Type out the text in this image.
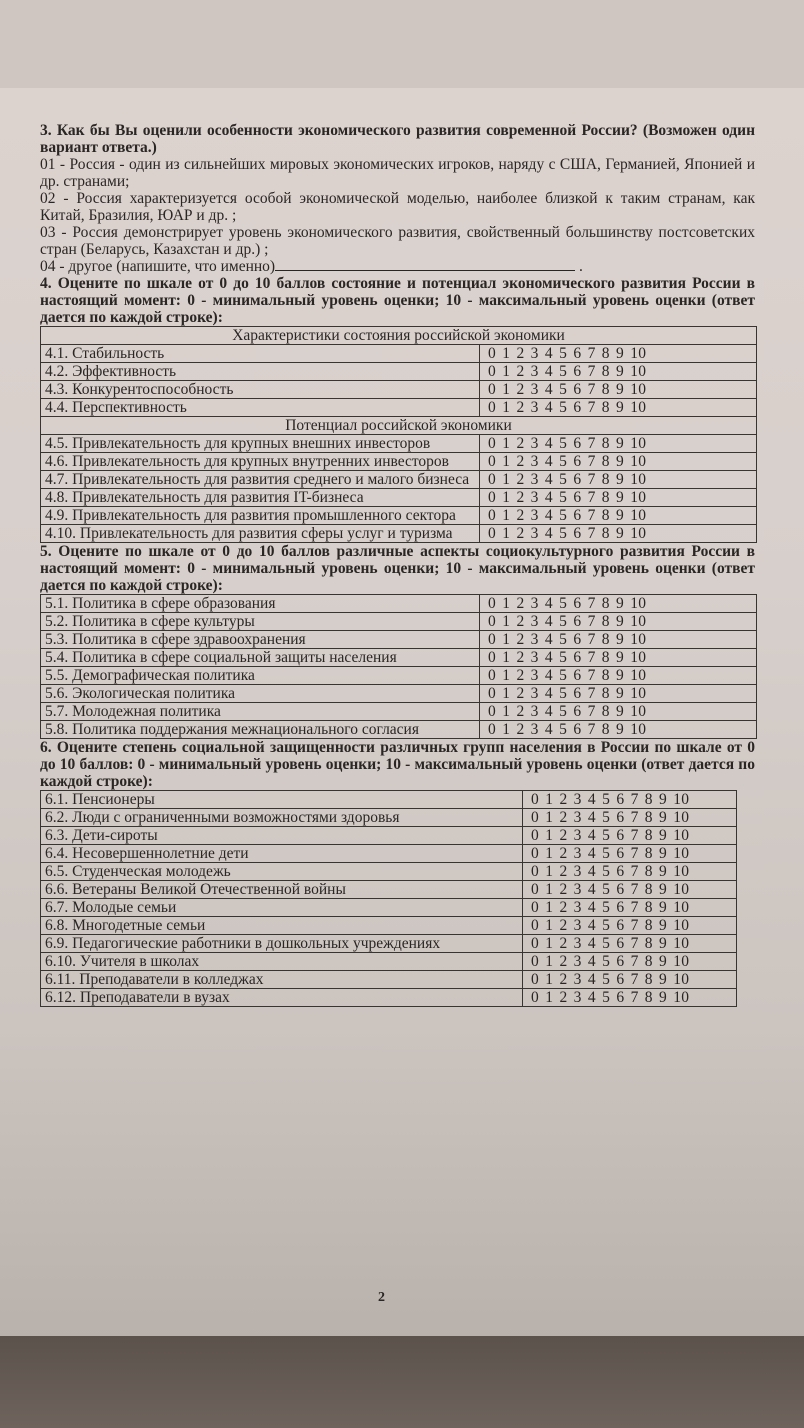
3. Как бы Вы оценили особенности экономического развития современной России? (Возможен один вариант ответа.)

01 - Россия - один из сильнейших мировых экономических игроков, наряду с США, Германией, Японией и др. странами;

02 - Россия характеризуется особой экономической моделью, наиболее близкой к таким странам, как Китай, Бразилия, ЮАР и др. ;

03 - Россия демонстрирует уровень экономического развития, свойственный большинству постсоветских стран (Беларусь, Казахстан и др.) ;

04 - другое (напишите, что именно)	.

4. Оцените по шкале от 0 до 10 баллов состояние и потенциал экономического развития России в настоящий момент: 0 - минимальный уровень оценки; 10 - максимальный уровень оценки (ответ дается по каждой строке):

Характеристики состояния российской экономики	
4.1. Стабильность	0 1 2 3 4 5 6 7 8 9 10
4.2. Эффективность	0 1 2 3 4 5 6 7 8 9 10
4.3. Конкурентоспособность	0 1 2 3 4 5 6 7 8 9 10
4.4. Перспективность	0 1 2 3 4 5 6 7 8 9 10
Потенциал российской экономики	
4.5. Привлекательность для крупных внешних инвесторов	0 1 2 3 4 5 6 7 8 9 10
4.6. Привлекательность для крупных внутренних инвесторов	0 1 2 3 4 5 6 7 8 9 10
4.7. Привлекательность для развития среднего и малого бизнеса	0 1 2 3 4 5 6 7 8 9 10
4.8. Привлекательность для развития IT-бизнеса	0 1 2 3 4 5 6 7 8 9 10
4.9. Привлекательность для развития промышленного сектора	0 1 2 3 4 5 6 7 8 9 10
4.10. Привлекательность для развития сферы услуг и туризма	0 1 2 3 4 5 6 7 8 9 10

5. Оцените по шкале от 0 до 10 баллов различные аспекты социокультурного развития России в настоящий момент: 0 - минимальный уровень оценки; 10 - максимальный уровень оценки (ответ дается по каждой строке):

5.1. Политика в сфере образования	0 1 2 3 4 5 6 7 8 9 10
5.2. Политика в сфере культуры	0 1 2 3 4 5 6 7 8 9 10
5.3. Политика в сфере здравоохранения	0 1 2 3 4 5 6 7 8 9 10
5.4. Политика в сфере социальной защиты населения	0 1 2 3 4 5 6 7 8 9 10
5.5. Демографическая политика	0 1 2 3 4 5 6 7 8 9 10
5.6. Экологическая политика	0 1 2 3 4 5 6 7 8 9 10
5.7. Молодежная политика	0 1 2 3 4 5 6 7 8 9 10
5.8. Политика поддержания межнационального согласия	0 1 2 3 4 5 6 7 8 9 10

6. Оцените степень социальной защищенности различных групп населения в России по шкале от 0 до 10 баллов: 0 - минимальный уровень оценки; 10 - максимальный уровень оценки (ответ дается по каждой строке):

6.1. Пенсионеры	0 1 2 3 4 5 6 7 8 9 10
6.2. Люди с ограниченными возможностями здоровья	0 1 2 3 4 5 6 7 8 9 10
6.3. Дети-сироты	0 1 2 3 4 5 6 7 8 9 10
6.4. Несовершеннолетние дети	0 1 2 3 4 5 6 7 8 9 10
6.5. Студенческая молодежь	0 1 2 3 4 5 6 7 8 9 10
6.6. Ветераны Великой Отечественной войны	0 1 2 3 4 5 6 7 8 9 10
6.7. Молодые семьи	0 1 2 3 4 5 6 7 8 9 10
6.8. Многодетные семьи	0 1 2 3 4 5 6 7 8 9 10
6.9. Педагогические работники в дошкольных учреждениях	0 1 2 3 4 5 6 7 8 9 10
6.10. Учителя в школах	0 1 2 3 4 5 6 7 8 9 10
6.11. Преподаватели в колледжах	0 1 2 3 4 5 6 7 8 9 10
6.12. Преподаватели в вузах	0 1 2 3 4 5 6 7 8 9 10
2
